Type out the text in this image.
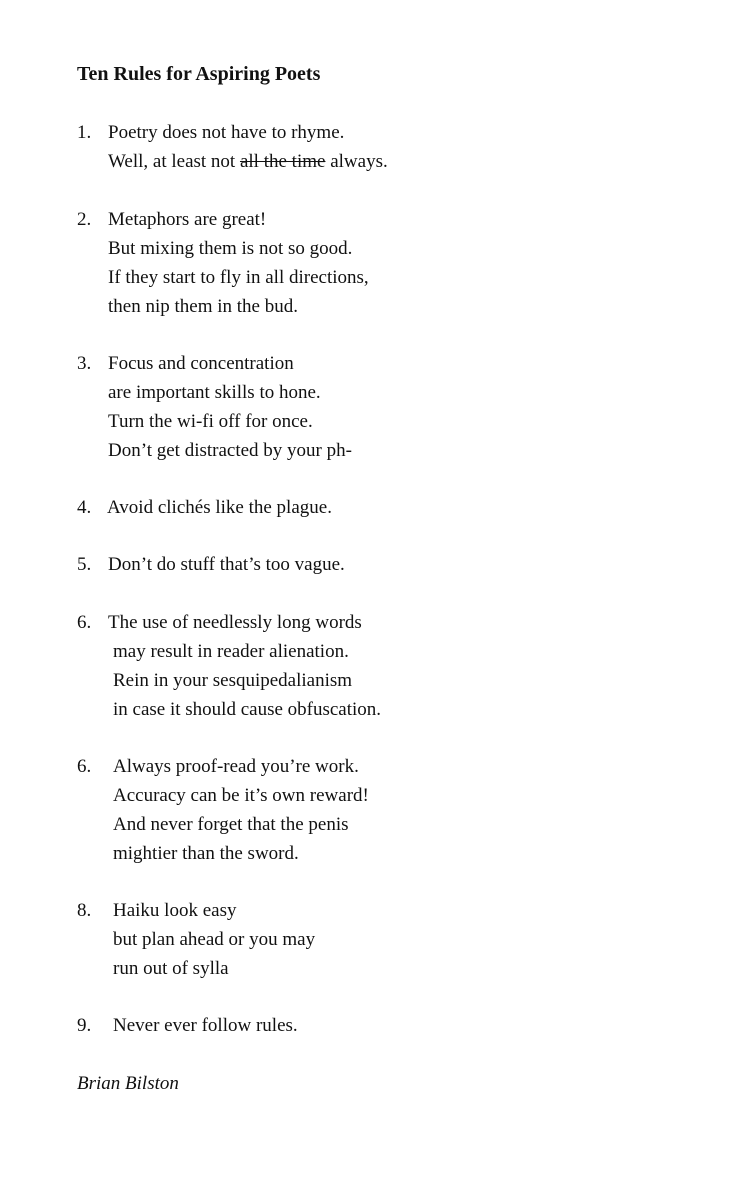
Ten Rules for Aspiring Poets
1. Poetry does not have to rhyme.
Well, at least not all the time always.
2. Metaphors are great!
But mixing them is not so good.
If they start to fly in all directions,
then nip them in the bud.
3. Focus and concentration
are important skills to hone.
Turn the wi-fi off for once.
Don’t get distracted by your ph-
4. Avoid clichés like the plague.
5. Don’t do stuff that’s too vague.
6. The use of needlessly long words
may result in reader alienation.
Rein in your sesquipedalianism
in case it should cause obfuscation.
6. Always proof-read you’re work.
Accuracy can be it’s own reward!
And never forget that the penis
mightier than the sword.
8. Haiku look easy
but plan ahead or you may
run out of sylla
9. Never ever follow rules.
Brian Bilston
